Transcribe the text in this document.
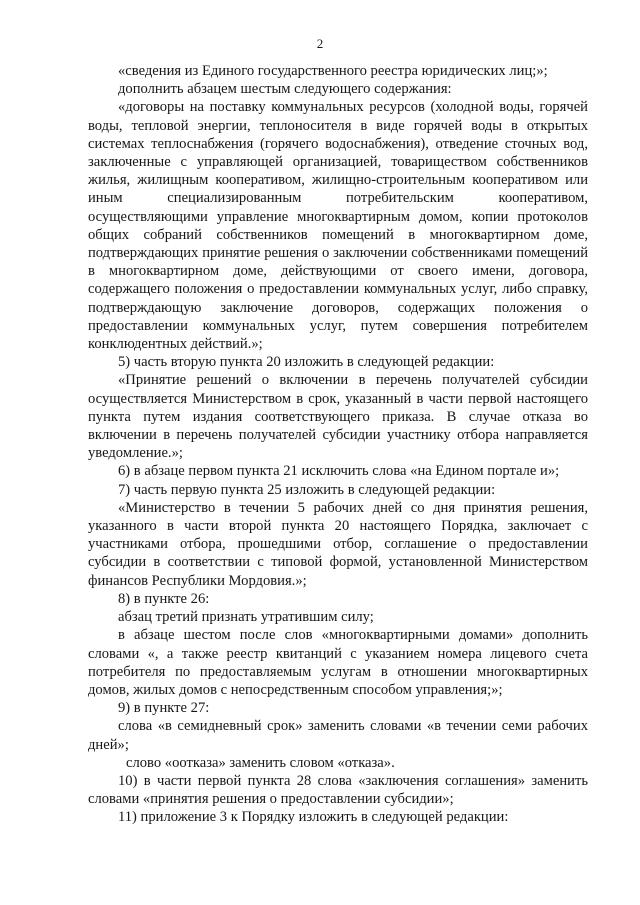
2

«сведения из Единого государственного реестра юридических лиц;»;

дополнить абзацем шестым следующего содержания:

«договоры на поставку коммунальных ресурсов (холодной воды, горячей воды, тепловой энергии, теплоносителя в виде горячей воды в открытых системах теплоснабжения (горячего водоснабжения), отведение сточных вод, заключенные с управляющей организацией, товариществом собственников жилья, жилищным кооперативом, жилищно-строительным кооперативом или иным специализированным потребительским кооперативом, осуществляющими управление многоквартирным домом, копии протоколов общих собраний собственников помещений в многоквартирном доме, подтверждающих принятие решения о заключении собственниками помещений в многоквартирном доме, действующими от своего имени, договора, содержащего положения о предоставлении коммунальных услуг, либо справку, подтверждающую заключение договоров, содержащих положения о предоставлении коммунальных услуг, путем совершения потребителем конклюдентных действий.»;

5) часть вторую пункта 20 изложить в следующей редакции:

«Принятие решений о включении в перечень получателей субсидии осуществляется Министерством в срок, указанный в части первой настоящего пункта путем издания соответствующего приказа. В случае отказа во включении в перечень получателей субсидии участнику отбора направляется уведомление.»;

6) в абзаце первом пункта 21 исключить слова «на Едином портале и»;

7) часть первую пункта 25 изложить в следующей редакции:

«Министерство в течении 5 рабочих дней со дня принятия решения, указанного в части второй пункта 20 настоящего Порядка, заключает с участниками отбора, прошедшими отбор, соглашение о предоставлении субсидии в соответствии с типовой формой, установленной Министерством финансов Республики Мордовия.»;

8) в пункте 26:

абзац третий признать утратившим силу;

в абзаце шестом после слов «многоквартирными домами» дополнить словами «, а также реестр квитанций с указанием номера лицевого счета потребителя по предоставляемым услугам в отношении многоквартирных домов, жилых домов с непосредственным способом управления;»;

9) в пункте 27:

слова «в семидневный срок» заменить словами «в течении семи рабочих дней»;

слово «оотказа» заменить словом «отказа».

10) в части первой пункта 28 слова «заключения соглашения» заменить словами «принятия решения о предоставлении субсидии»;

11) приложение 3 к Порядку изложить в следующей редакции:
